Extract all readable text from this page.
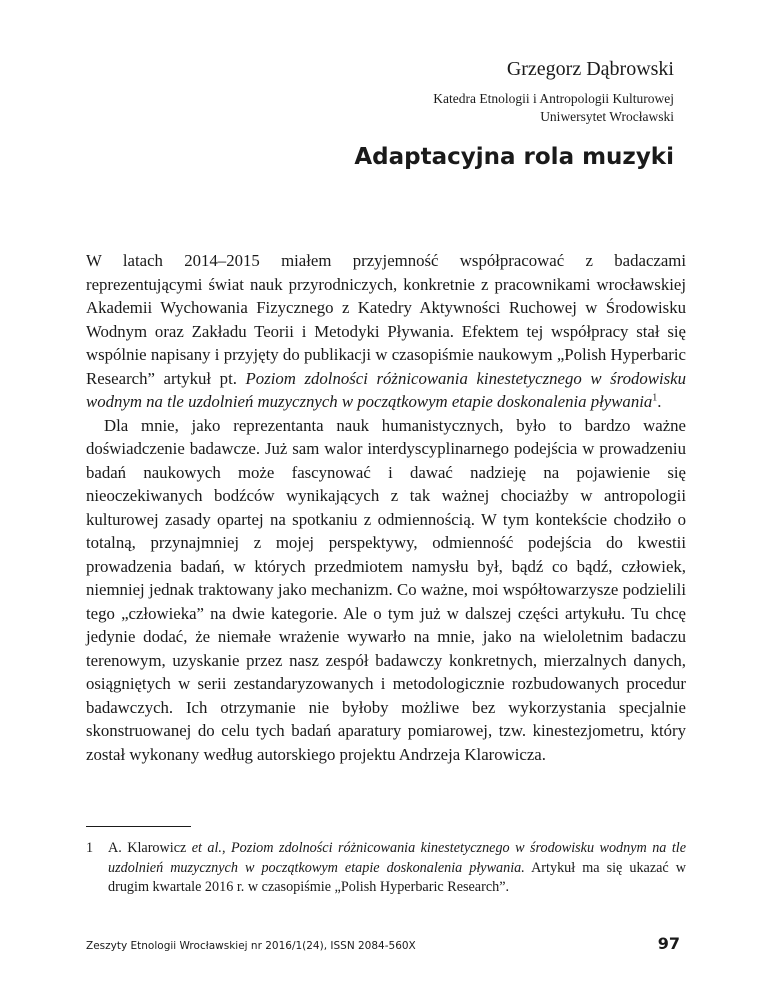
Grzegorz Dąbrowski
Katedra Etnologii i Antropologii Kulturowej
Uniwersytet Wrocławski
Adaptacyjna rola muzyki

W latach 2014–2015 miałem przyjemność współpracować z badaczami reprezentującymi świat nauk przyrodniczych, konkretnie z pracownikami wrocławskiej Akademii Wychowania Fizycznego z Katedry Aktywności Ruchowej w Środowisku Wodnym oraz Zakładu Teorii i Metodyki Pływania. Efektem tej współpracy stał się wspólnie napisany i przyjęty do publikacji w czasopiśmie naukowym „Polish Hyperbaric Research” artykuł pt. Poziom zdolności różnicowania kinestetycznego w środowisku wodnym na tle uzdolnień muzycznych w początkowym etapie doskonalenia pływania$^1$.

Dla mnie, jako reprezentanta nauk humanistycznych, było to bardzo ważne doświadczenie badawcze. Już sam walor interdyscyplinarnego podejścia w prowadzeniu badań naukowych może fascynować i dawać nadzieję na pojawienie się nieoczekiwanych bodźców wynikających z tak ważnej chociażby w antropologii kulturowej zasady opartej na spotkaniu z odmiennością. W tym kontekście chodziło o totalną, przynajmniej z mojej perspektywy, odmienność podejścia do kwestii prowadzenia badań, w których przedmiotem namysłu był, bądź co bądź, człowiek, niemniej jednak traktowany jako mechanizm. Co ważne, moi współtowarzysze podzielili tego „człowieka” na dwie kategorie. Ale o tym już w dalszej części artykułu. Tu chcę jedynie dodać, że niemałe wrażenie wywarło na mnie, jako na wieloletnim badaczu terenowym, uzyskanie przez nasz zespół badawczy konkretnych, mierzalnych danych, osiągniętych w serii zestandaryzowanych i metodologicznie rozbudowanych procedur badawczych. Ich otrzymanie nie byłoby możliwe bez wykorzystania specjalnie skonstruowanej do celu tych badań aparatury pomiarowej, tzw. kinestezjometru, który został wykonany według autorskiego projektu Andrzeja Klarowicza.

1 A. Klarowicz et al., Poziom zdolności różnicowania kinestetycznego w środowisku wodnym na tle uzdolnień muzycznych w początkowym etapie doskonalenia pływania. Artykuł ma się ukazać w drugim kwartale 2016 r. w czasopiśmie „Polish Hyperbaric Research”.
Zeszyty Etnologii Wrocławskiej nr 2016/1(24), ISSN 2084-560X	97
